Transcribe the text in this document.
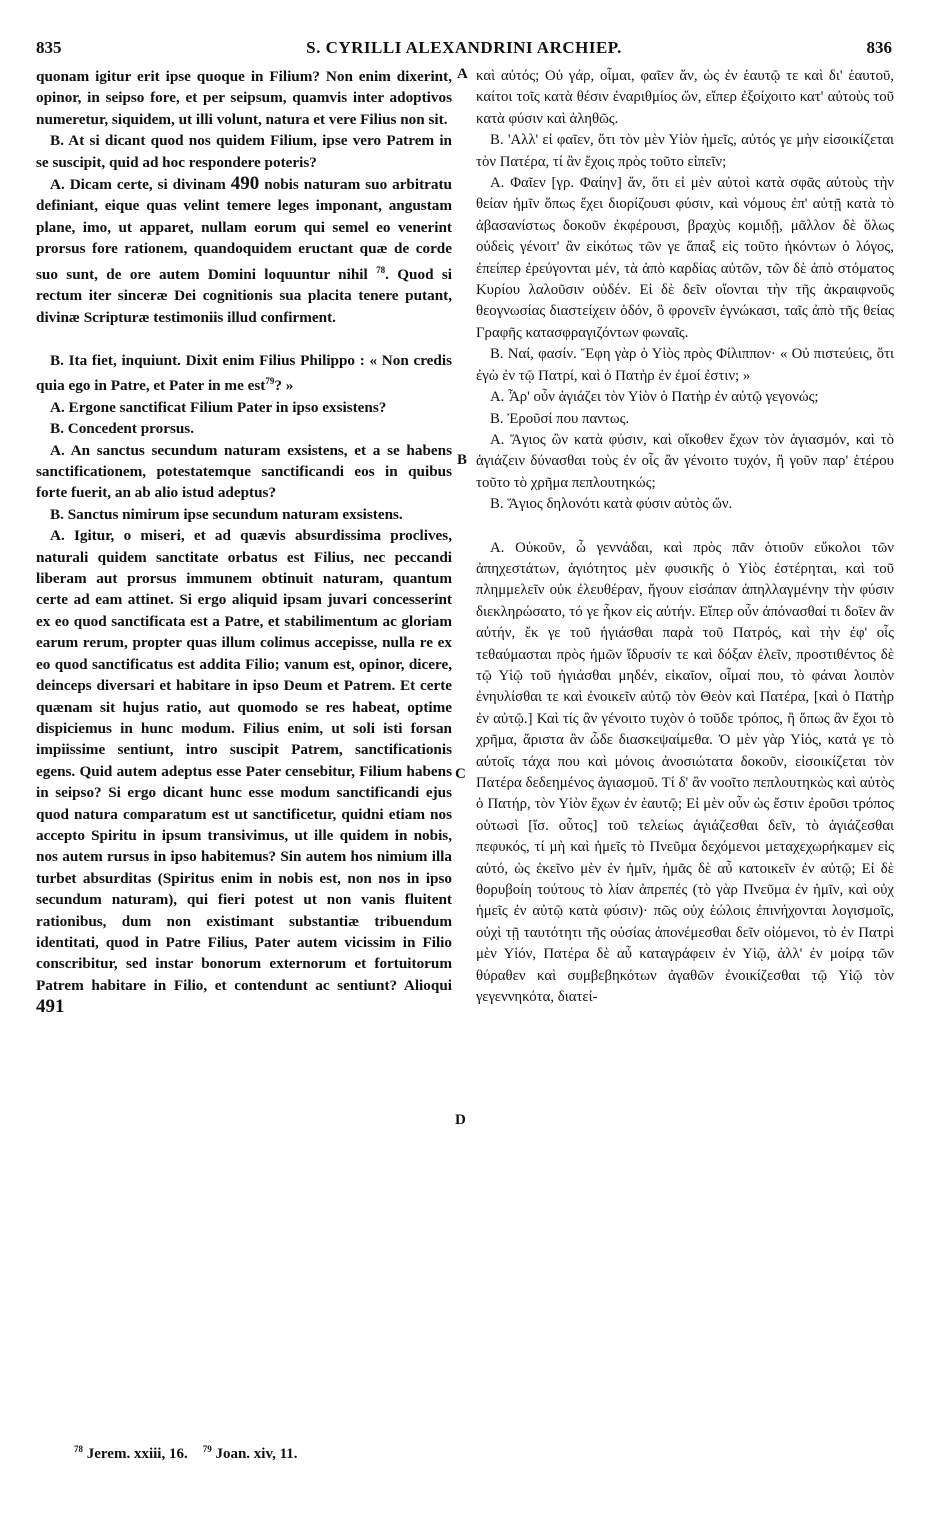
835	S. CYRILLI ALEXANDRINI ARCHIEP.	836
A
B
C
D

quonam igitur erit ipse quoque in Filium? Non enim dixerint, opinor, in seipso fore, et per seipsum, quamvis inter adoptivos numeretur, siquidem, ut illi volunt, natura et vere Filius non sit.

B. At si dicant quod nos quidem Filium, ipse vero Patrem in se suscipit, quid ad hoc respondere poteris?

A. Dicam certe, si divinam 490 nobis naturam suo arbitratu definiant, eique quas velint temere leges imponant, angustam plane, imo, ut apparet, nullam eorum qui semel eo venerint prorsus fore rationem, quandoquidem eructant quæ de corde suo sunt, de ore autem Domini loquuntur nihil $^{78}$. Quod si rectum iter sinceræ Dei cognitionis sua placita tenere putant, divinæ Scripturæ testimoniis illud confirment.

B. Ita fiet, inquiunt. Dixit enim Filius Philippo : « Non credis quia ego in Patre, et Pater in me est$^{79}$? »

A. Ergone sanctificat Filium Pater in ipso exsistens?

B. Concedent prorsus.

A. An sanctus secundum naturam exsistens, et a se habens sanctificationem, potestatemque sanctificandi eos in quibus forte fuerit, an ab alio istud adeptus?

B. Sanctus nimirum ipse secundum naturam exsistens.

A. Igitur, o miseri, et ad quævis absurdissima proclives, naturali quidem sanctitate orbatus est Filius, nec peccandi liberam aut prorsus immunem obtinuit naturam, quantum certe ad eam attinet. Si ergo aliquid ipsam juvari concesserint ex eo quod sanctificata est a Patre, et stabilimentum ac gloriam earum rerum, propter quas illum colimus accepisse, nulla re ex eo quod sanctificatus est addita Filio; vanum est, opinor, dicere, deinceps diversari et habitare in ipso Deum et Patrem. Et certe quænam sit hujus ratio, aut quomodo se res habeat, optime dispiciemus in hunc modum. Filius enim, ut soli isti forsan impiissime sentiunt, intro suscipit Patrem, sanctificationis egens. Quid autem adeptus esse Pater censebitur, Filium habens in seipso? Si ergo dicant hunc esse modum sanctificandi ejus quod natura comparatum est ut sanctificetur, quidni etiam nos accepto Spiritu in ipsum transivimus, ut ille quidem in nobis, nos autem rursus in ipso habitemus? Sin autem hos nimium illa turbet absurditas (Spiritus enim in nobis est, non nos in ipso secundum naturam), qui fieri potest ut non vanis fluitent rationibus, dum non existimant substantiæ tribuendum identitati, quod in Patre Filius, Pater autem vicissim in Filio conscribitur, sed instar bonorum externorum et fortuitorum Patrem habitare in Filio, et contendunt ac sentiunt? Alioqui 491

καὶ αὐτός; Οὐ γάρ, οἶμαι, φαῖεν ἄν, ὡς ἐν ἑαυτῷ τε καὶ δι' ἑαυτοῦ, καίτοι τοῖς κατὰ θέσιν ἐναριθμίος ὤν, εἴπερ ἐξοίχοιτο κατ' αὐτοὺς τοῦ κατὰ φύσιν καὶ ἀληθῶς.

Β. 'Αλλ' εἰ φαῖεν, ὅτι τὸν μὲν Υἱὸν ἡμεῖς, αὐτός γε μὴν εἰσοικίζεται τὸν Πατέρα, τί ἂν ἔχοις πρὸς τοῦτο εἰπεῖν;

Α. Φαῖεν [γρ. Φαίην] ἄν, ὅτι εἰ μὲν αὐτοὶ κατὰ σφᾶς αὐτοὺς τὴν θείαν ἡμῖν ὅπως ἔχει διορίζουσι φύσιν, καὶ νόμους ἐπ' αὐτῇ κατὰ τὸ ἀβασανίστως δοκοῦν ἐκφέρουσι, βραχὺς κομιδῇ, μᾶλλον δὲ ὅλως οὐδεὶς γένοιτ' ἂν εἰκότως τῶν γε ἅπαξ εἰς τοῦτο ἡκόντων ὁ λόγος, ἐπείπερ ἐρεύγονται μέν, τὰ ἀπὸ καρδίας αὐτῶν, τῶν δὲ ἀπὸ στόματος Κυρίου λαλοῦσιν οὐδέν. Εἰ δὲ δεῖν οἴονται τὴν τῆς ἀκραιφνοῦς θεογνωσίας διαστείχειν ὁδόν, ὃ φρονεῖν ἐγνώκασι, ταῖς ἀπὸ τῆς θείας Γραφῆς κατασφραγιζόντων φωναῖς.

Β. Ναί, φασίν. Ἔφη γὰρ ὁ Υἱὸς πρὸς Φίλιππον· « Οὐ πιστεύεις, ὅτι ἐγὼ ἐν τῷ Πατρί, καὶ ὁ Πατὴρ ἐν ἐμοί ἐστιν; »

Α. Ἆρ' οὖν ἁγιάζει τὸν Υἱὸν ὁ Πατὴρ ἐν αὐτῷ γεγονώς;

Β. Ἐροῦσί που παντως.

Α. Ἅγιος ὢν κατὰ φύσιν, καὶ οἴκοθεν ἔχων τὸν ἁγιασμόν, καὶ τὸ ἁγιάζειν δύνασθαι τοὺς ἐν οἷς ἂν γένοιτο τυχόν, ἢ γοῦν παρ' ἑτέρου τοῦτο τὸ χρῆμα πεπλουτηκώς;

Β. Ἅγιος δηλονότι κατὰ φύσιν αὐτὸς ὤν.

Α. Οὐκοῦν, ὦ γεννάδαι, καὶ πρὸς πᾶν ὁτιοῦν εὔκολοι τῶν ἀπηχεστάτων, ἁγιότητος μὲν φυσικῆς ὁ Υἱὸς ἐστέρηται, καὶ τοῦ πλημμελεῖν οὐκ ἐλευθέραν, ἤγουν εἰσάπαν ἀπηλλαγμένην τὴν φύσιν διεκληρώσατο, τό γε ἧκον εἰς αὐτήν. Εἴπερ οὖν ἀπόνασθαί τι δοῖεν ἂν αὐτήν, ἔκ γε τοῦ ἡγιάσθαι παρὰ τοῦ Πατρός, καὶ τὴν ἐφ' οἷς τεθαύμασται πρὸς ἡμῶν ἵδρυσίν τε καὶ δόξαν ἑλεῖν, προστιθέντος δὲ τῷ Υἱῷ τοῦ ἡγιάσθαι μηδέν, εἰκαῖον, οἶμαί που, τὸ φάναι λοιπὸν ἐνηυλίσθαι τε καὶ ἐνοικεῖν αὐτῷ τὸν Θεὸν καὶ Πατέρα, [καὶ ὁ Πατὴρ ἐν αὐτῷ.] Καὶ τίς ἂν γένοιτο τυχὸν ὁ τοῦδε τρόπος, ἢ ὅπως ἂν ἔχοι τὸ χρῆμα, ἄριστα ἂν ὧδε διασκεψαίμεθα. Ὁ μὲν γὰρ Υἱός, κατά γε τὸ αὐτοῖς τάχα που καὶ μόνοις ἀνοσιώτατα δοκοῦν, εἰσοικίζεται τὸν Πατέρα δεδεημένος ἁγιασμοῦ. Τί δ' ἂν νοοῖτο πεπλουτηκὼς καὶ αὐτὸς ὁ Πατήρ, τὸν Υἱὸν ἔχων ἐν ἑαυτῷ; Εἰ μὲν οὖν ὡς ἔστιν ἐροῦσι τρόπος οὑτωσὶ [ἴσ. οὗτος] τοῦ τελείως ἁγιάζεσθαι δεῖν, τὸ ἁγιάζεσθαι πεφυκός, τί μὴ καὶ ἡμεῖς τὸ Πνεῦμα δεχόμενοι μεταχεχωρήκαμεν εἰς αὐτό, ὡς ἐκεῖνο μὲν ἐν ἡμῖν, ἡμᾶς δὲ αὖ κατοικεῖν ἐν αὐτῷ; Εἰ δὲ θορυβοίη τούτους τὸ λίαν ἀπρεπές (τὸ γὰρ Πνεῦμα ἐν ἡμῖν, καὶ οὐχ ἡμεῖς ἐν αὐτῷ κατὰ φύσιν)· πῶς οὐχ ἑώλοις ἐπινήχονται λογισμοῖς, οὐχὶ τῇ ταυτότητι τῆς οὐσίας ἀπονέμεσθαι δεῖν οἰόμενοι, τὸ ἐν Πατρὶ μὲν Υἱόν, Πατέρα δὲ αὖ καταγράφειν ἐν Υἱῷ, ἀλλ' ἐν μοίρᾳ τῶν θύραθεν καὶ συμβεβηκότων ἀγαθῶν ἐνοικίζεσθαι τῷ Υἱῷ τὸν γεγεννηκότα, διατεί-

$^{78}$ Jerem. xxiii, 16. $^{79}$ Joan. xiv, 11.
